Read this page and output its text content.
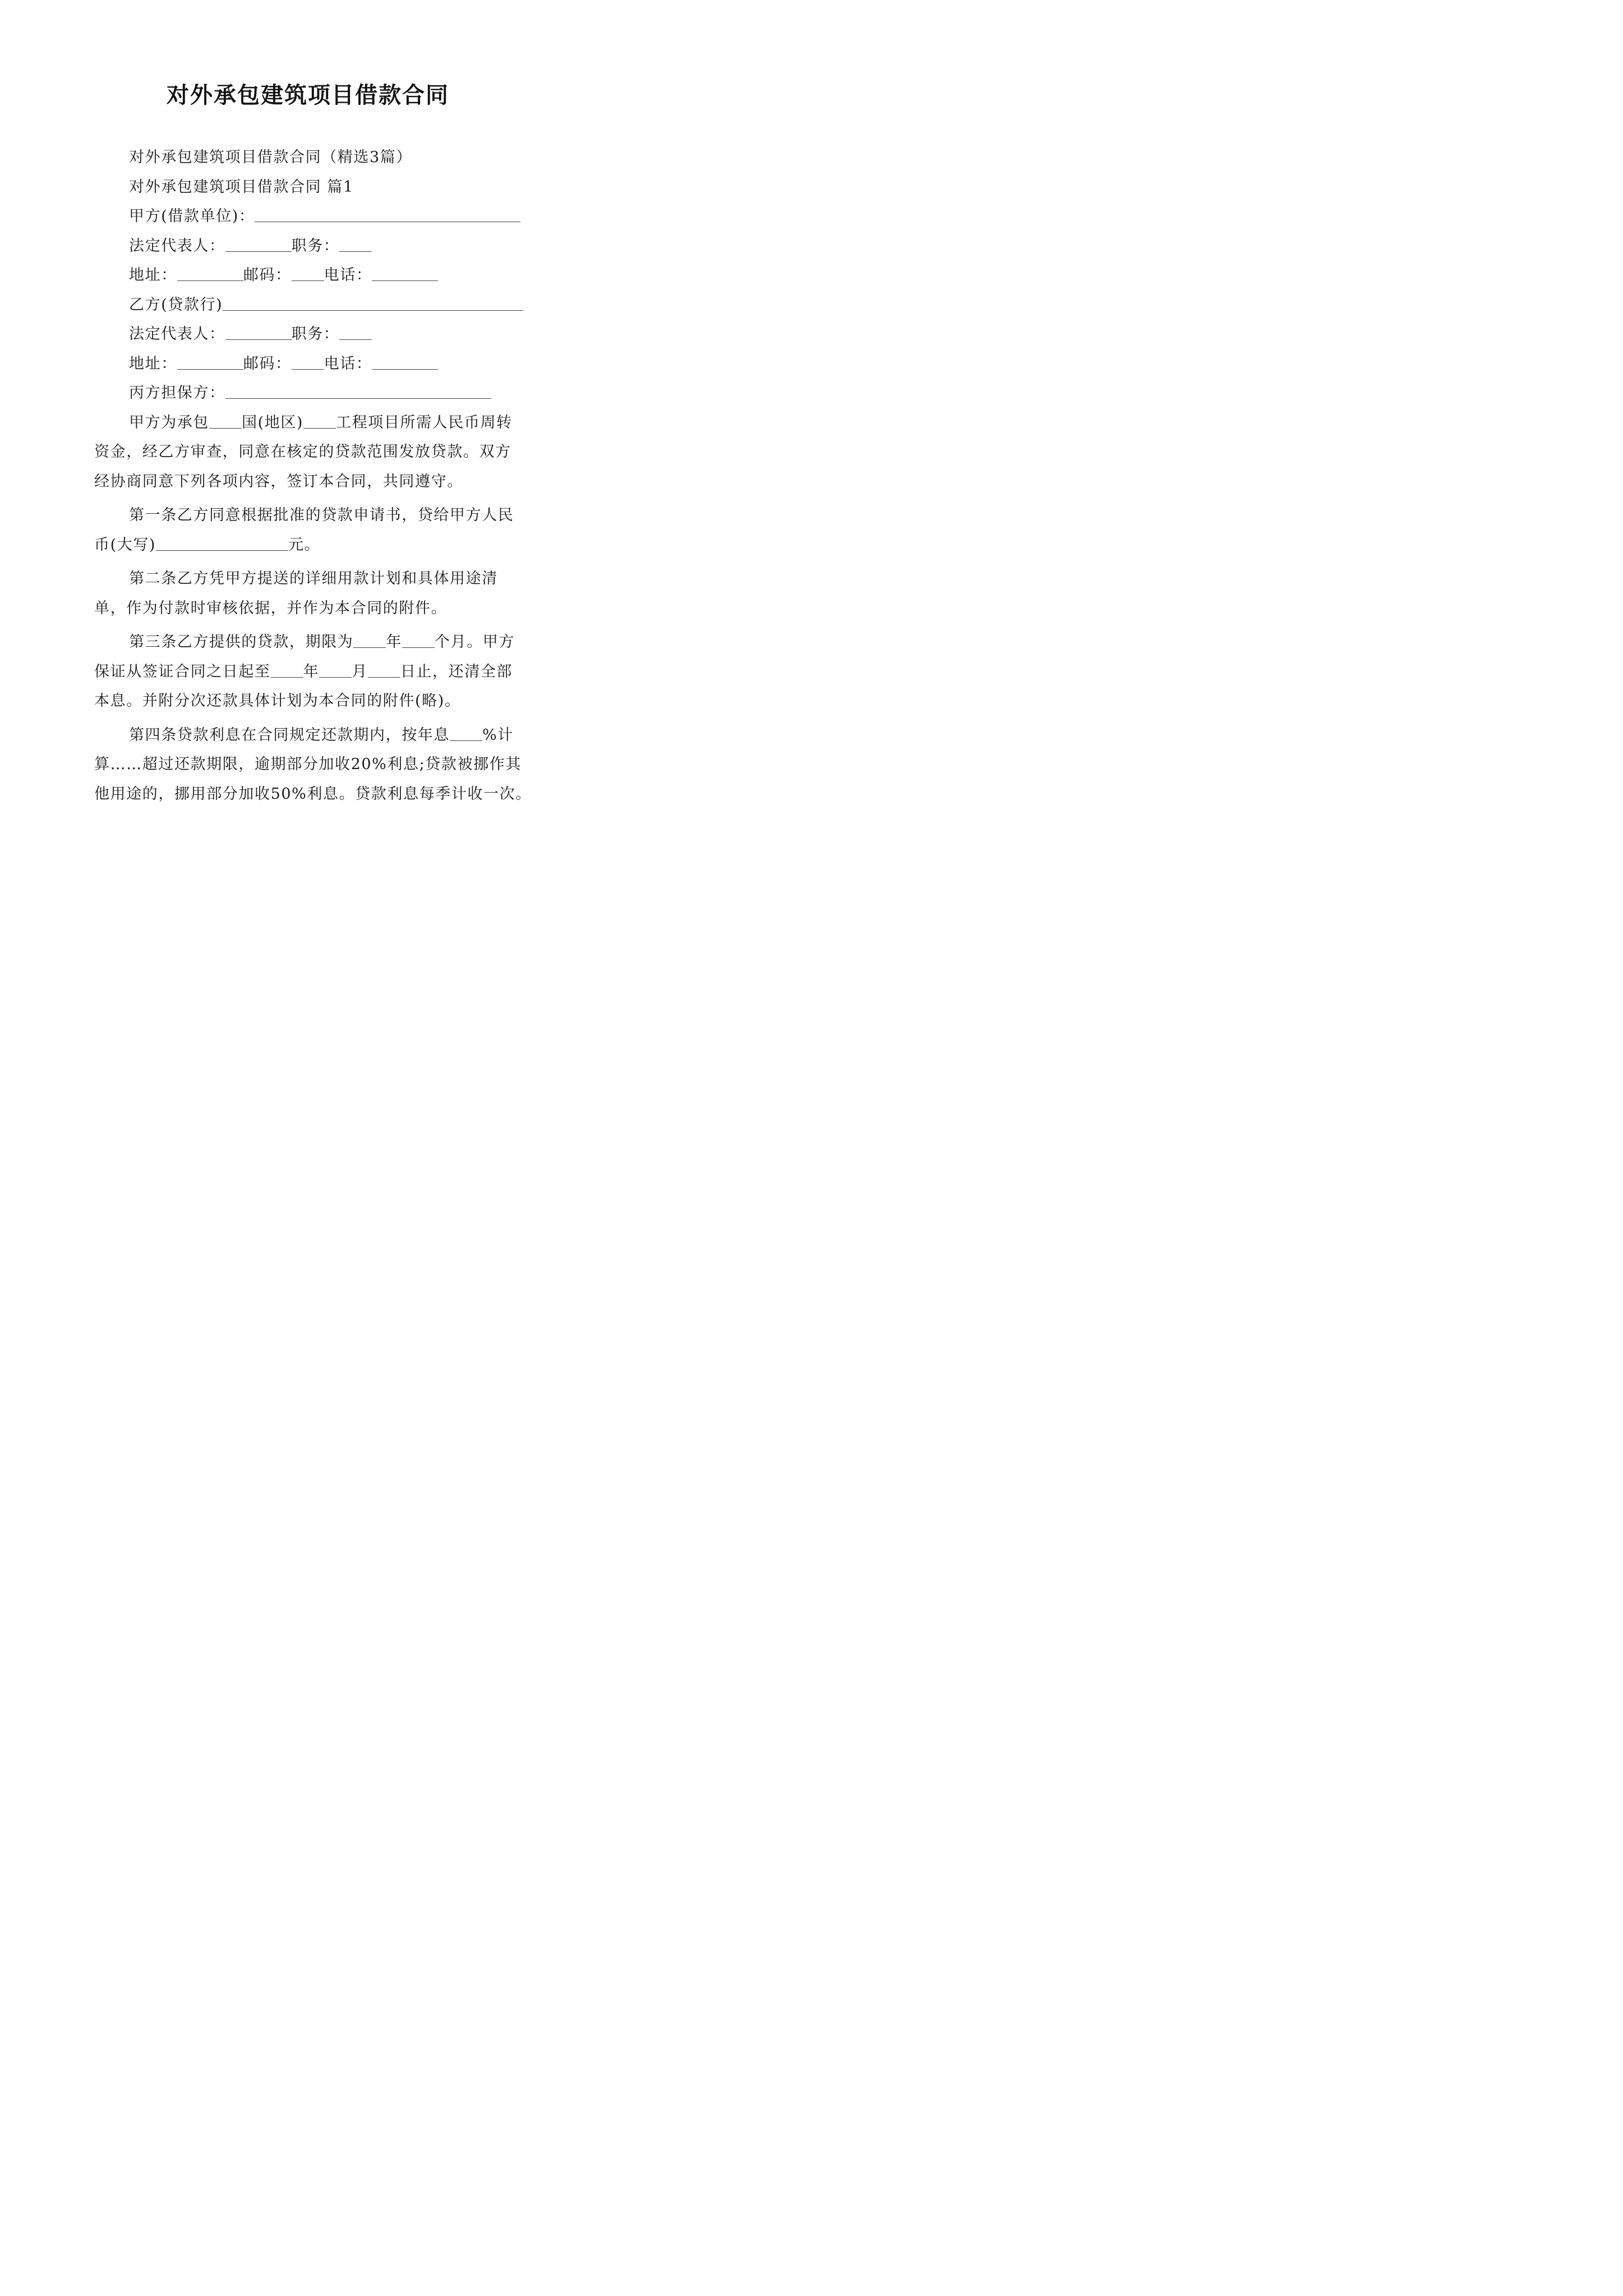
对外承包建筑项目借款合同
对外承包建筑项目借款合同（精选3篇）
对外承包建筑项目借款合同 篇1
甲方(借款单位)：
法定代表人：	职务：
地址：	邮码： 电话：
乙方(贷款行)
法定代表人：	职务：
地址：	邮码： 电话：
丙方担保方：
甲方为承包 国(地区) 工程项目所需人民币周转
资金，经乙方审查，同意在核定的贷款范围发放贷款。双方
经协商同意下列各项内容，签订本合同，共同遵守。
第一条乙方同意根据批准的贷款申请书，贷给甲方人民
币(大写)	元。
第二条乙方凭甲方提送的详细用款计划和具体用途清
单，作为付款时审核依据，并作为本合同的附件。
第三条乙方提供的贷款，期限为 年 个月。甲方
保证从签证合同之日起至 年 月 日止，还清全部
本息。并附分次还款具体计划为本合同的附件(略)。
第四条贷款利息在合同规定还款期内，按年息 %计
算……超过还款期限，逾期部分加收20%利息;贷款被挪作其
他用途的，挪用部分加收50%利息。贷款利息每季计收一次。
